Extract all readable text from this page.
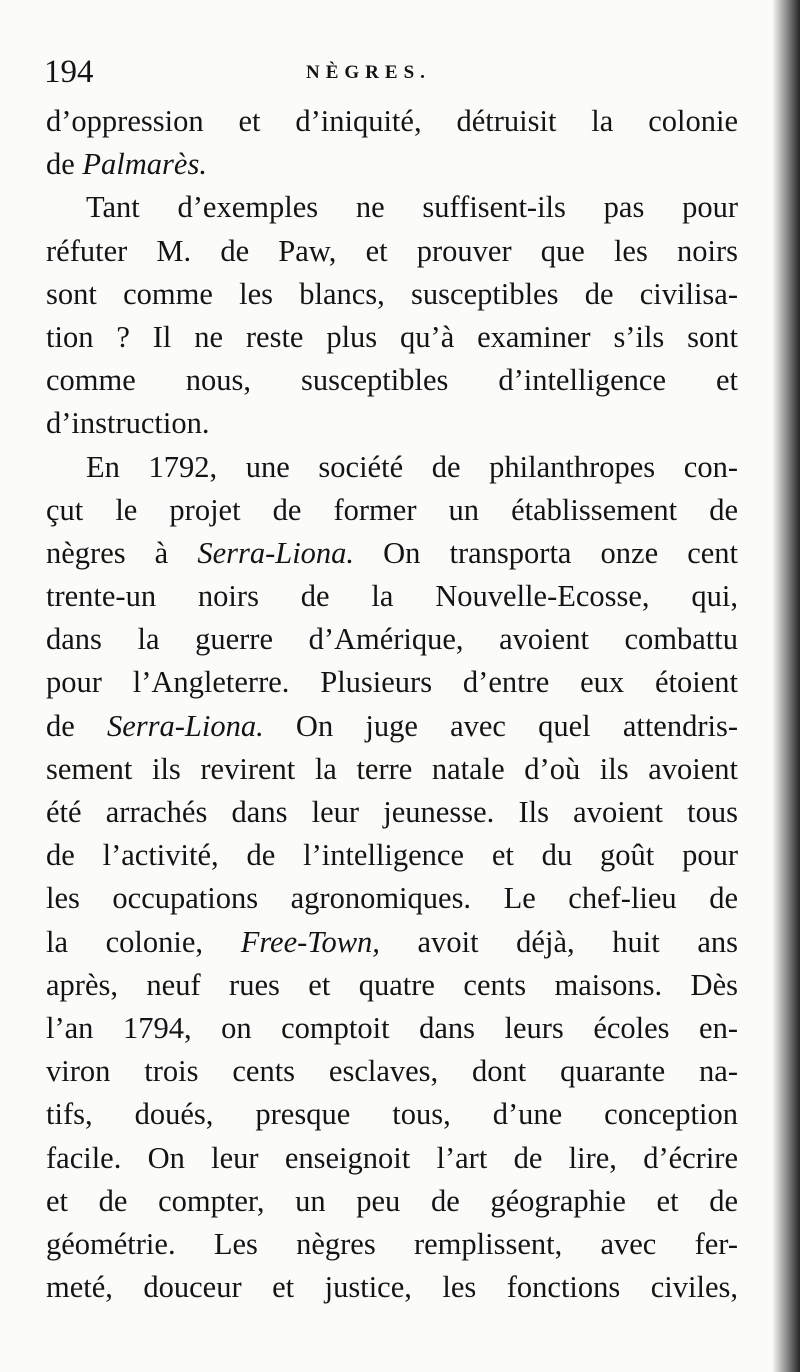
194	NÈGRES.
d’oppression et d’iniquité, détruisit la colonie
de Palmarès.
Tant d’exemples ne suffisent-ils pas pour
réfuter M. de Paw, et prouver que les noirs
sont comme les blancs, susceptibles de civilisa-
tion ? Il ne reste plus qu’à examiner s’ils sont
comme nous, susceptibles d’intelligence et
d’instruction.
En 1792, une société de philanthropes con-
çut le projet de former un établissement de
nègres à Serra-Liona. On transporta onze cent
trente-un noirs de la Nouvelle-Ecosse, qui,
dans la guerre d’Amérique, avoient combattu
pour l’Angleterre. Plusieurs d’entre eux étoient
de Serra-Liona. On juge avec quel attendris-
sement ils revirent la terre natale d’où ils avoient
été arrachés dans leur jeunesse. Ils avoient tous
de l’activité, de l’intelligence et du goût pour
les occupations agronomiques. Le chef-lieu de
la colonie, Free-Town, avoit déjà, huit ans
après, neuf rues et quatre cents maisons. Dès
l’an 1794, on comptoit dans leurs écoles en-
viron trois cents esclaves, dont quarante na-
tifs, doués, presque tous, d’une conception
facile. On leur enseignoit l’art de lire, d’écrire
et de compter, un peu de géographie et de
géométrie. Les nègres remplissent, avec fer-
meté, douceur et justice, les fonctions civiles,
